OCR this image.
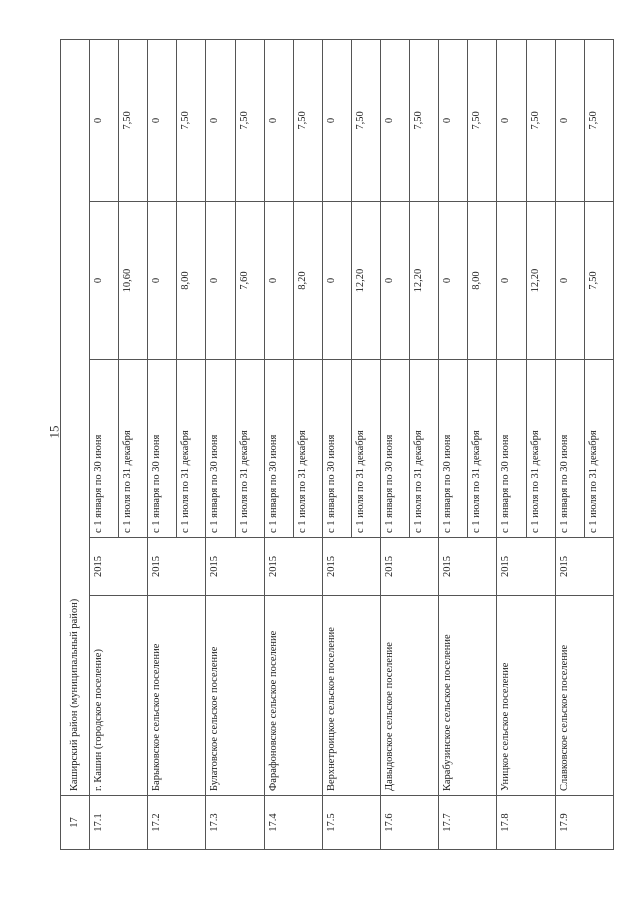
15
17	Каширский район (муниципальный район)				
17.1	г. Кашин (городское поселение)	2015	с 1 января по 30 июня	0	0
			с 1 июля по 31 декабря	10,60	7,50
17.2	Барыковское сельское поселение	2015	с 1 января по 30 июня	0	0
			с 1 июля по 31 декабря	8,00	7,50
17.3	Булатовское сельское поселение	2015	с 1 января по 30 июня	0	0
			с 1 июля по 31 декабря	7,60	7,50
17.4	Фарафоновское сельское поселение	2015	с 1 января по 30 июня	0	0
			с 1 июля по 31 декабря	8,20	7,50
17.5	Верхнетроицкое сельское поселение	2015	с 1 января по 30 июня	0	0
			с 1 июля по 31 декабря	12,20	7,50
17.6	Давыдовское сельское поселение	2015	с 1 января по 30 июня	0	0
			с 1 июля по 31 декабря	12,20	7,50
17.7	Карабузинское сельское поселение	2015	с 1 января по 30 июня	0	0
			с 1 июля по 31 декабря	8,00	7,50
17.8	Уницкое сельское поселение	2015	с 1 января по 30 июня	0	0
			с 1 июля по 31 декабря	12,20	7,50
17.9	Славковское сельское поселение	2015	с 1 января по 30 июня	0	0
			с 1 июля по 31 декабря	7,50	7,50
